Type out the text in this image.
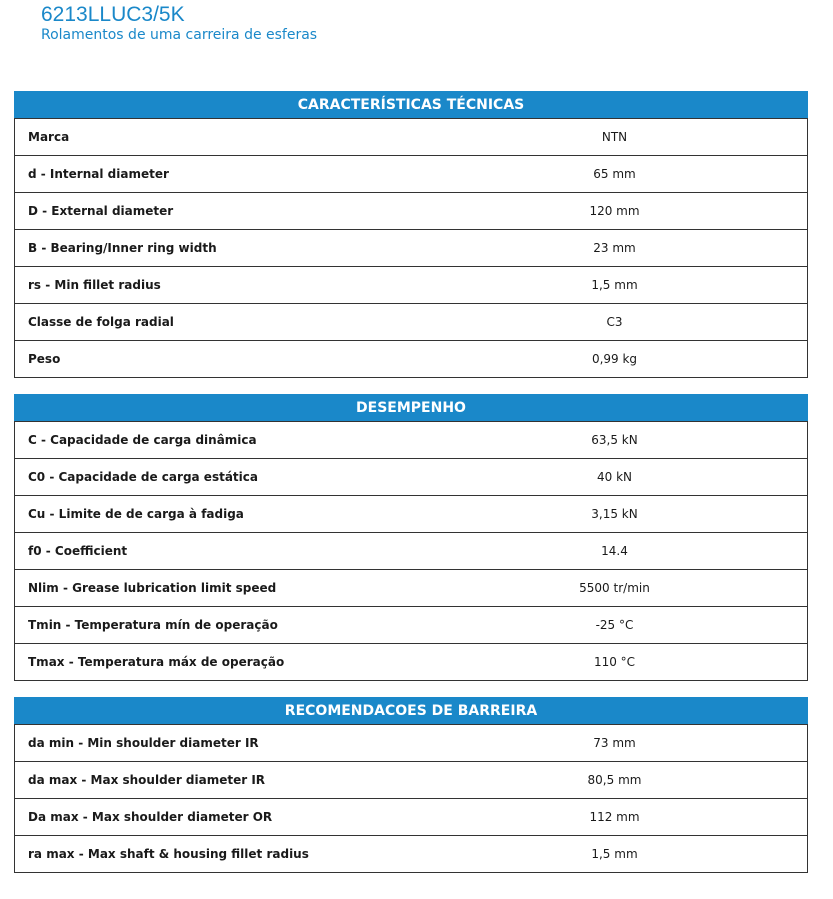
6213LLUC3/5K
Rolamentos de uma carreira de esferas
CARACTERÍSTICAS TÉCNICAS
Marca	NTN
d - Internal diameter	65 mm
D - External diameter	120 mm
B - Bearing/Inner ring width	23 mm
rs - Min fillet radius	1,5 mm
Classe de folga radial	C3
Peso	0,99 kg
DESEMPENHO
C - Capacidade de carga dinâmica	63,5 kN
C0 - Capacidade de carga estática	40 kN
Cu - Limite de de carga à fadiga	3,15 kN
f0 - Coefficient	14.4
Nlim - Grease lubrication limit speed	5500 tr/min
Tmin - Temperatura mín de operação	-25 °C
Tmax - Temperatura máx de operação	110 °C
RECOMENDACOES DE BARREIRA
da min - Min shoulder diameter IR	73 mm
da max - Max shoulder diameter IR	80,5 mm
Da max - Max shoulder diameter OR	112 mm
ra max - Max shaft & housing fillet radius	1,5 mm
